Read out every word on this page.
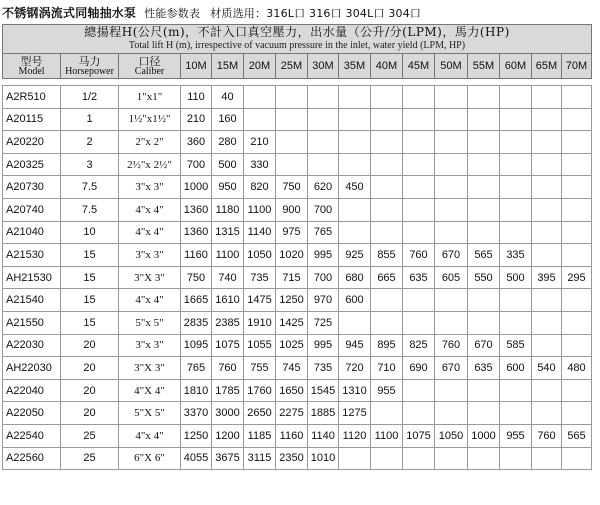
不锈钢涡流式同轴抽水泵 性能参数表 材质选用：316L口 316口 304L口 304口
總揚程H(公尺(m)，不計入口真空壓力，出水量（公升/分(LPM)，馬力(HP)
Total lift H (m), irrespective of vacuum pressure in the inlet, water yield (LPM, HP)															

型号
Model	马力
Horsepower	口径
Caliber	10M	15M	20M	25M	30M	35M	40M	45M	50M	55M	60M	65M	70M

A2R510	1/2	1"x1"	110	40											
A20115	1	1½"x1½"	210	160											
A20220	2	2"x 2"	360	280	210										
A20325	3	2½"x 2½"	700	500	330										
A20730	7.5	3"x 3"	1000	950	820	750	620	450							
A20740	7.5	4"x 4"	1360	1180	1100	900	700								
A21040	10	4"x 4"	1360	1315	1140	975	765								
A21530	15	3"x 3"	1160	1100	1050	1020	995	925	855	760	670	565	335		
AH21530	15	3"X 3"	750	740	735	715	700	680	665	635	605	550	500	395	295
A21540	15	4"x 4"	1665	1610	1475	1250	970	600							
A21550	15	5"x 5"	2835	2385	1910	1425	725								
A22030	20	3"x 3"	1095	1075	1055	1025	995	945	895	825	760	670	585		
AH22030	20	3"X 3"	765	760	755	745	735	720	710	690	670	635	600	540	480
A22040	20	4"X 4"	1810	1785	1760	1650	1545	1310	955						
A22050	20	5"X 5"	3370	3000	2650	2275	1885	1275							
A22540	25	4"x 4"	1250	1200	1185	1160	1140	1120	1100	1075	1050	1000	955	760	565
A22560	25	6"X 6"	4055	3675	3115	2350	1010								
